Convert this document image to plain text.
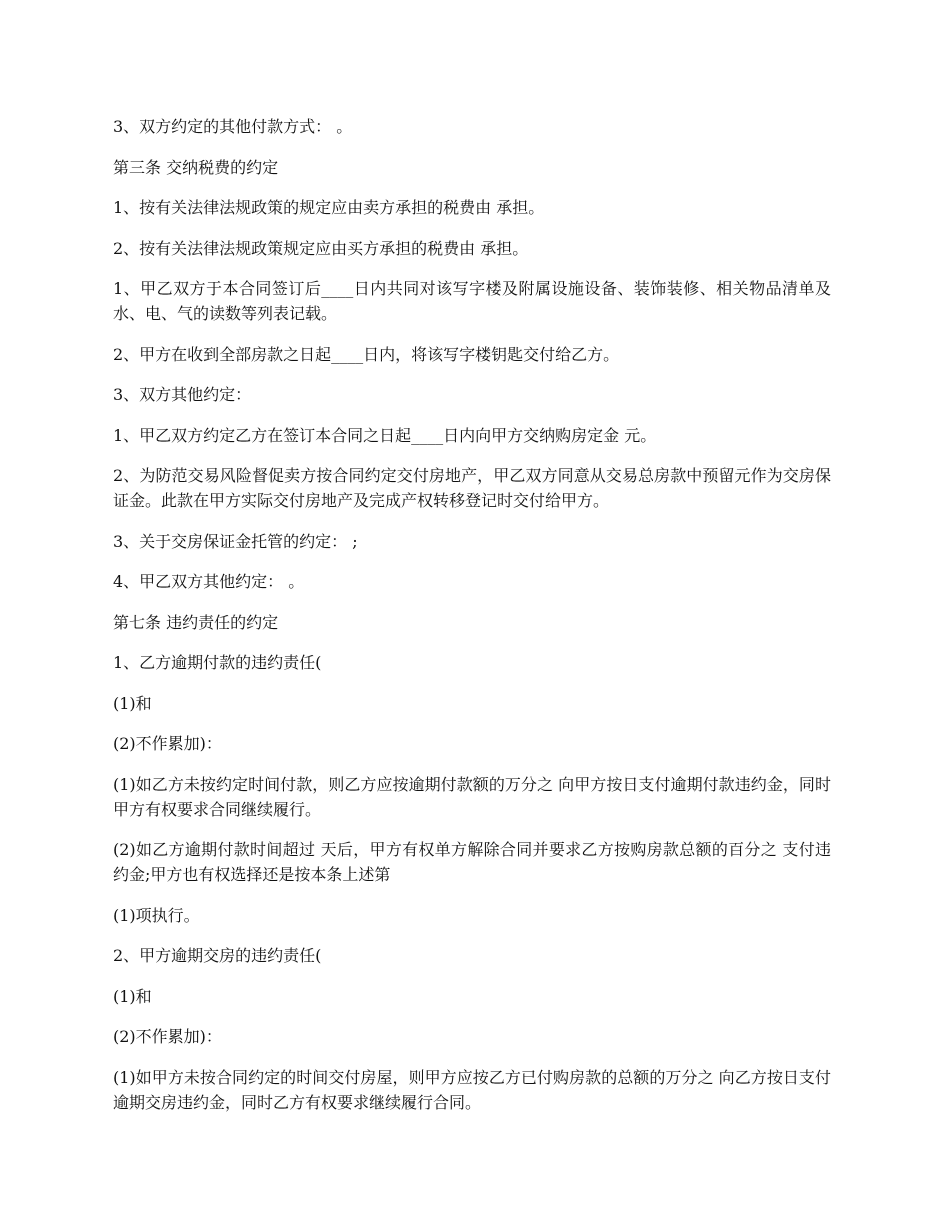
3、双方约定的其他付款方式： 。

第三条 交纳税费的约定

1、按有关法律法规政策的规定应由卖方承担的税费由 承担。

2、按有关法律法规政策规定应由买方承担的税费由 承担。

1、甲乙双方于本合同签订后____日内共同对该写字楼及附属设施设备、装饰装修、相关物品清单及水、电、气的读数等列表记载。

2、甲方在收到全部房款之日起____日内，将该写字楼钥匙交付给乙方。

3、双方其他约定：

1、甲乙双方约定乙方在签订本合同之日起____日内向甲方交纳购房定金 元。

2、为防范交易风险督促卖方按合同约定交付房地产，甲乙双方同意从交易总房款中预留元作为交房保证金。此款在甲方实际交付房地产及完成产权转移登记时交付给甲方。

3、关于交房保证金托管的约定： ;

4、甲乙双方其他约定： 。

第七条 违约责任的约定

1、乙方逾期付款的违约责任(

(1)和

(2)不作累加)：

(1)如乙方未按约定时间付款，则乙方应按逾期付款额的万分之 向甲方按日支付逾期付款违约金，同时甲方有权要求合同继续履行。

(2)如乙方逾期付款时间超过 天后，甲方有权单方解除合同并要求乙方按购房款总额的百分之 支付违约金;甲方也有权选择还是按本条上述第

(1)项执行。

2、甲方逾期交房的违约责任(

(1)和

(2)不作累加)：

(1)如甲方未按合同约定的时间交付房屋，则甲方应按乙方已付购房款的总额的万分之 向乙方按日支付逾期交房违约金，同时乙方有权要求继续履行合同。
